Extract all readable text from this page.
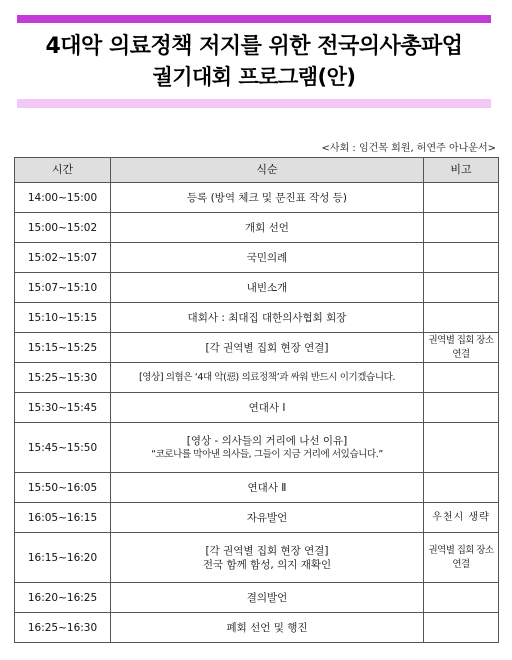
4대악 의료정책 저지를 위한 전국의사총파업
궐기대회 프로그램(안)
<사회 : 임건목 회원, 허연주 아나운서>
시간	식순	비고
14:00~15:00	등록 (방역 체크 및 문진표 작성 등)	
15:00~15:02	개회 선언	
15:02~15:07	국민의례	
15:07~15:10	내빈소개	
15:10~15:15	대회사 : 최대집 대한의사협회 회장	
15:15~15:25	[각 권역별 집회 현장 연결]	권역별 집회 장소 연결
15:25~15:30	[영상] 의협은 ‘4대 악(惡) 의료정책’과 싸워 반드시 이기겠습니다.	
15:30~15:45	연대사 Ⅰ	
15:45~15:50	[영상 - 의사들의 거리에 나선 이유]
“코로나를 막아낸 의사들, 그들이 지금 거리에 서있습니다.”	

15:50~16:05	연대사 Ⅱ	
16:05~16:15	자유발언	우천시 생략
16:15~16:20	[각 권역별 집회 현장 연결]
전국 함께 함성, 의지 재확인	권역별 집회 장소 연결
16:20~16:25	결의발언	
16:25~16:30	폐회 선언 및 행진	
